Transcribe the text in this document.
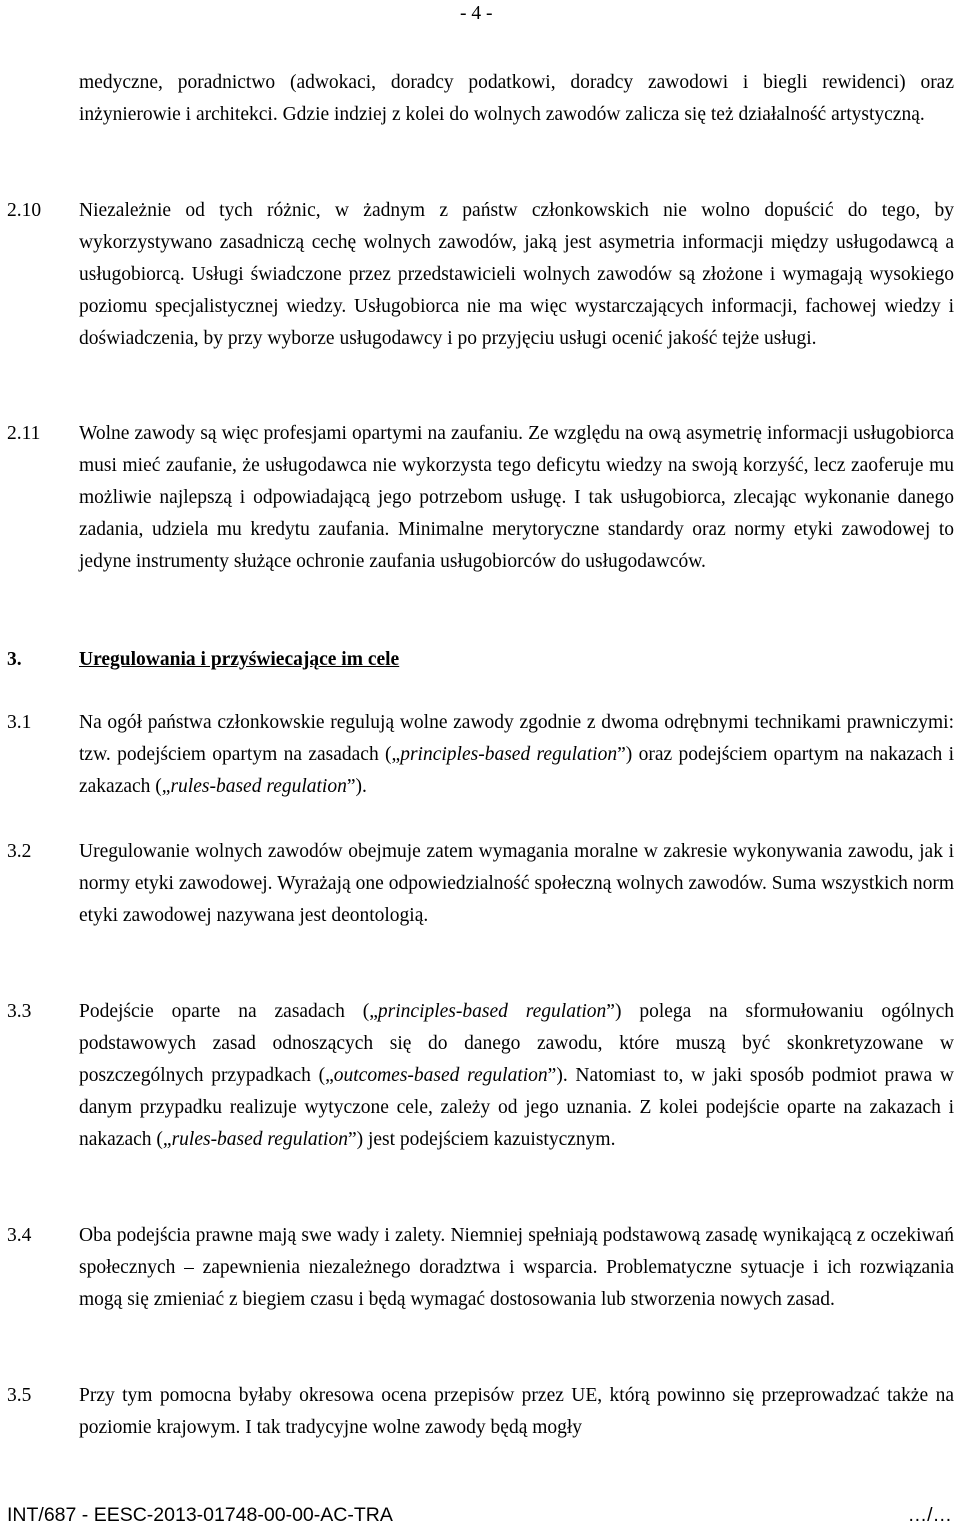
- 4 -
medyczne, poradnictwo (adwokaci, doradcy podatkowi, doradcy zawodowi i biegli rewidenci) oraz inżynierowie i architekci. Gdzie indziej z kolei do wolnych zawodów zalicza się też działalność artystyczną.
2.10 Niezależnie od tych różnic, w żadnym z państw członkowskich nie wolno dopuścić do tego, by wykorzystywano zasadniczą cechę wolnych zawodów, jaką jest asymetria informacji między usługodawcą a usługobiorcą. Usługi świadczone przez przedstawicieli wolnych zawodów są złożone i wymagają wysokiego poziomu specjalistycznej wiedzy. Usługobiorca nie ma więc wystarczających informacji, fachowej wiedzy i doświadczenia, by przy wyborze usługodawcy i po przyjęciu usługi ocenić jakość tejże usługi.
2.11 Wolne zawody są więc profesjami opartymi na zaufaniu. Ze względu na ową asymetrię informacji usługobiorca musi mieć zaufanie, że usługodawca nie wykorzysta tego deficytu wiedzy na swoją korzyść, lecz zaoferuje mu możliwie najlepszą i odpowiadającą jego potrzebom usługę. I tak usługobiorca, zlecając wykonanie danego zadania, udziela mu kredytu zaufania. Minimalne merytoryczne standardy oraz normy etyki zawodowej to jedyne instrumenty służące ochronie zaufania usługobiorców do usługodawców.
3.	Uregulowania i przyświecające im cele
3.1 Na ogół państwa członkowskie regulują wolne zawody zgodnie z dwoma odrębnymi technikami prawniczymi: tzw. podejściem opartym na zasadach („principles-based regulation”) oraz podejściem opartym na nakazach i zakazach („rules-based regulation”).
3.2 Uregulowanie wolnych zawodów obejmuje zatem wymagania moralne w zakresie wykonywania zawodu, jak i normy etyki zawodowej. Wyrażają one odpowiedzialność społeczną wolnych zawodów. Suma wszystkich norm etyki zawodowej nazywana jest deontologią.
3.3 Podejście oparte na zasadach („principles-based regulation”) polega na sformułowaniu ogólnych podstawowych zasad odnoszących się do danego zawodu, które muszą być skonkretyzowane w poszczególnych przypadkach („outcomes-based regulation”). Natomiast to, w jaki sposób podmiot prawa w danym przypadku realizuje wytyczone cele, zależy od jego uznania. Z kolei podejście oparte na zakazach i nakazach („rules-based regulation”) jest podejściem kazuistycznym.
3.4 Oba podejścia prawne mają swe wady i zalety. Niemniej spełniają podstawową zasadę wynikającą z oczekiwań społecznych – zapewnienia niezależnego doradztwa i wsparcia. Problematyczne sytuacje i ich rozwiązania mogą się zmieniać z biegiem czasu i będą wymagać dostosowania lub stworzenia nowych zasad.
3.5 Przy tym pomocna byłaby okresowa ocena przepisów przez UE, którą powinno się przeprowadzać także na poziomie krajowym. I tak tradycyjne wolne zawody będą mogły
INT/687 - EESC-2013-01748-00-00-AC-TRA	…/…
